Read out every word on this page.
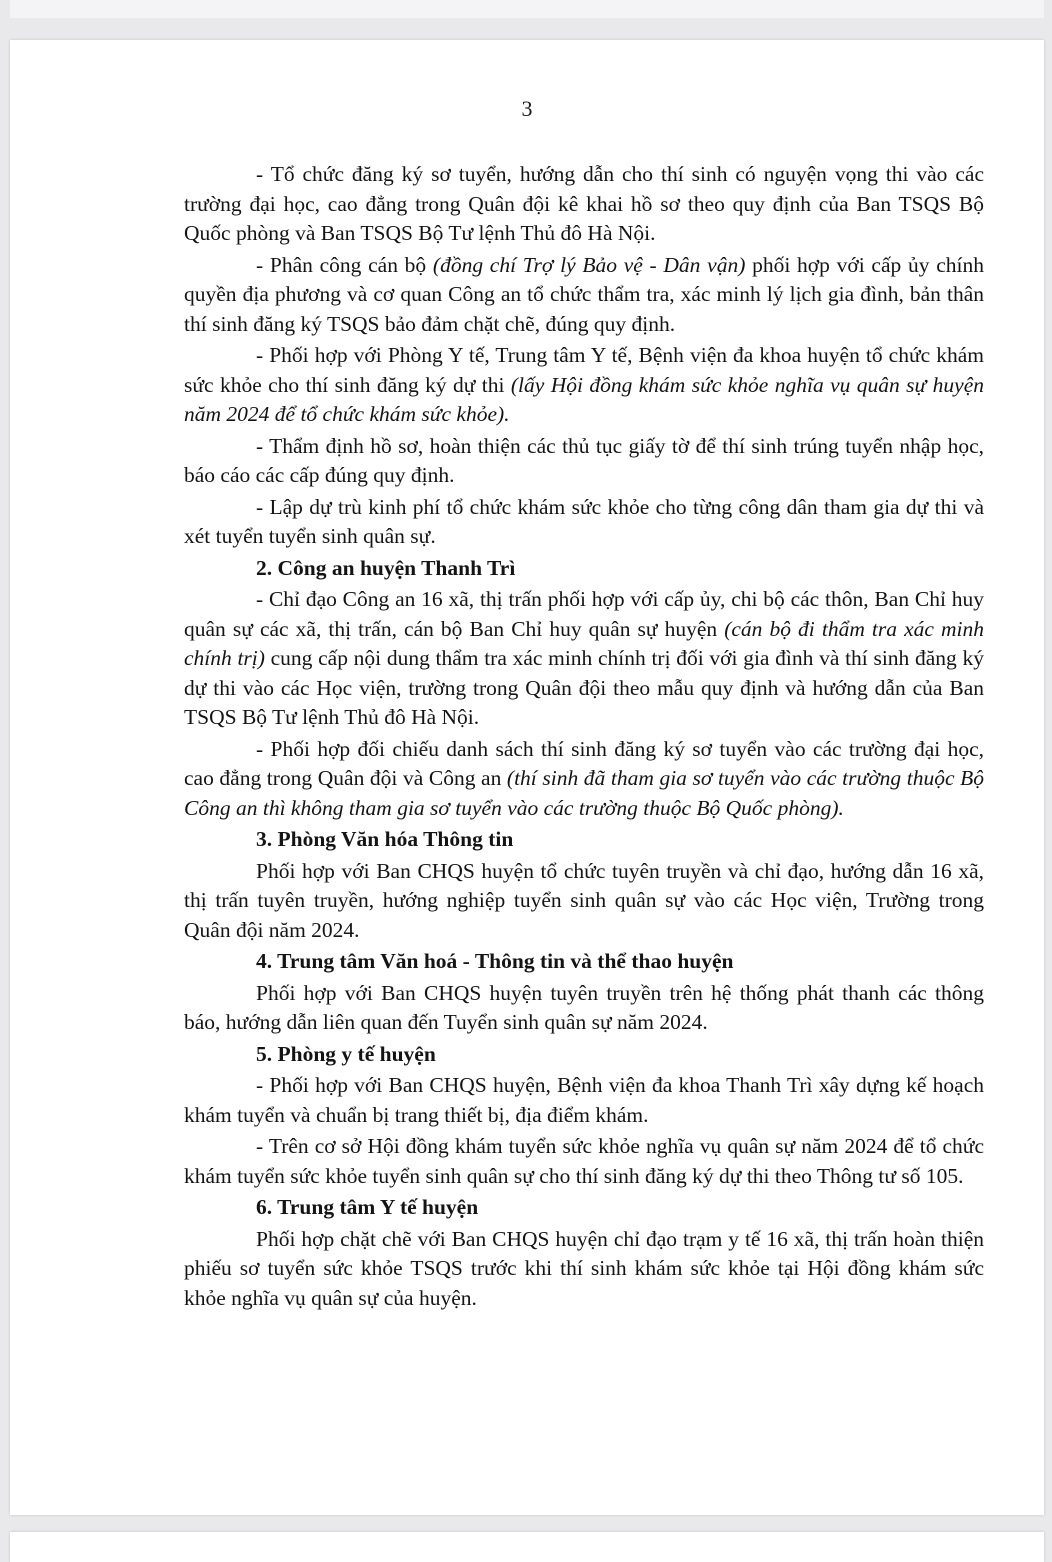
3

- Tổ chức đăng ký sơ tuyển, hướng dẫn cho thí sinh có nguyện vọng thi vào các trường đại học, cao đẳng trong Quân đội kê khai hồ sơ theo quy định của Ban TSQS Bộ Quốc phòng và Ban TSQS Bộ Tư lệnh Thủ đô Hà Nội.

- Phân công cán bộ (đồng chí Trợ lý Bảo vệ - Dân vận) phối hợp với cấp ủy chính quyền địa phương và cơ quan Công an tổ chức thẩm tra, xác minh lý lịch gia đình, bản thân thí sinh đăng ký TSQS bảo đảm chặt chẽ, đúng quy định.

- Phối hợp với Phòng Y tế, Trung tâm Y tế, Bệnh viện đa khoa huyện tổ chức khám sức khỏe cho thí sinh đăng ký dự thi (lấy Hội đồng khám sức khỏe nghĩa vụ quân sự huyện năm 2024 để tổ chức khám sức khỏe).

- Thẩm định hồ sơ, hoàn thiện các thủ tục giấy tờ để thí sinh trúng tuyển nhập học, báo cáo các cấp đúng quy định.

- Lập dự trù kinh phí tổ chức khám sức khỏe cho từng công dân tham gia dự thi và xét tuyển tuyển sinh quân sự.

2. Công an huyện Thanh Trì

- Chỉ đạo Công an 16 xã, thị trấn phối hợp với cấp ủy, chi bộ các thôn, Ban Chỉ huy quân sự các xã, thị trấn, cán bộ Ban Chỉ huy quân sự huyện (cán bộ đi thẩm tra xác minh chính trị) cung cấp nội dung thẩm tra xác minh chính trị đối với gia đình và thí sinh đăng ký dự thi vào các Học viện, trường trong Quân đội theo mẫu quy định và hướng dẫn của Ban TSQS Bộ Tư lệnh Thủ đô Hà Nội.

- Phối hợp đối chiếu danh sách thí sinh đăng ký sơ tuyển vào các trường đại học, cao đẳng trong Quân đội và Công an (thí sinh đã tham gia sơ tuyển vào các trường thuộc Bộ Công an thì không tham gia sơ tuyển vào các trường thuộc Bộ Quốc phòng).

3. Phòng Văn hóa Thông tin

Phối hợp với Ban CHQS huyện tổ chức tuyên truyền và chỉ đạo, hướng dẫn 16 xã, thị trấn tuyên truyền, hướng nghiệp tuyển sinh quân sự vào các Học viện, Trường trong Quân đội năm 2024.

4. Trung tâm Văn hoá - Thông tin và thể thao huyện

Phối hợp với Ban CHQS huyện tuyên truyền trên hệ thống phát thanh các thông báo, hướng dẫn liên quan đến Tuyển sinh quân sự năm 2024.

5. Phòng y tế huyện

- Phối hợp với Ban CHQS huyện, Bệnh viện đa khoa Thanh Trì xây dựng kế hoạch khám tuyển và chuẩn bị trang thiết bị, địa điểm khám.

- Trên cơ sở Hội đồng khám tuyển sức khỏe nghĩa vụ quân sự năm 2024 để tổ chức khám tuyển sức khỏe tuyển sinh quân sự cho thí sinh đăng ký dự thi theo Thông tư số 105.

6. Trung tâm Y tế huyện

Phối hợp chặt chẽ với Ban CHQS huyện chỉ đạo trạm y tế 16 xã, thị trấn hoàn thiện phiếu sơ tuyển sức khỏe TSQS trước khi thí sinh khám sức khỏe tại Hội đồng khám sức khỏe nghĩa vụ quân sự của huyện.
